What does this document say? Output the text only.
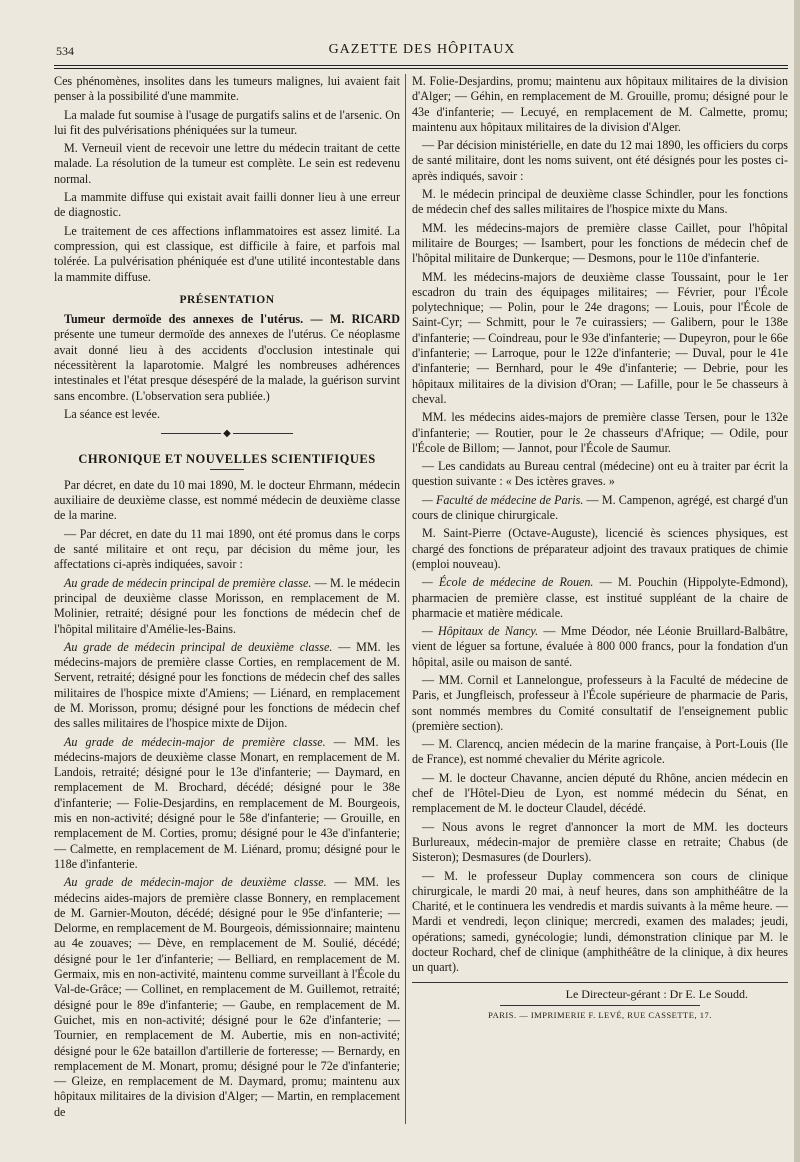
534	GAZETTE DES HÔPITAUX

Ces phénomènes, insolites dans les tumeurs malignes, lui avaient fait penser à la possibilité d'une mammite.

La malade fut soumise à l'usage de purgatifs salins et de l'arsenic. On lui fit des pulvérisations phéniquées sur la tumeur.

M. Verneuil vient de recevoir une lettre du médecin traitant de cette malade. La résolution de la tumeur est complète. Le sein est redevenu normal.

La mammite diffuse qui existait avait failli donner lieu à une erreur de diagnostic.

Le traitement de ces affections inflammatoires est assez limité. La compression, qui est classique, est difficile à faire, et parfois mal tolérée. La pulvérisation phéniquée est d'une utilité incontestable dans la mammite diffuse.

PRÉSENTATION

Tumeur dermoïde des annexes de l'utérus. — M. RICARD présente une tumeur dermoïde des annexes de l'utérus. Ce néoplasme avait donné lieu à des accidents d'occlusion intestinale qui nécessitèrent la laparotomie. Malgré les nombreuses adhérences intestinales et l'état presque désespéré de la malade, la guérison survint sans encombre. (L'observation sera publiée.)

La séance est levée.

◆
CHRONIQUE ET NOUVELLES SCIENTIFIQUES

Par décret, en date du 10 mai 1890, M. le docteur Ehrmann, médecin auxiliaire de deuxième classe, est nommé médecin de deuxième classe de la marine.

— Par décret, en date du 11 mai 1890, ont été promus dans le corps de santé militaire et ont reçu, par décision du même jour, les affectations ci-après indiquées, savoir :

Au grade de médecin principal de première classe. — M. le médecin principal de deuxième classe Morisson, en remplacement de M. Molinier, retraité; désigné pour les fonctions de médecin chef de l'hôpital militaire d'Amélie-les-Bains.

Au grade de médecin principal de deuxième classe. — MM. les médecins-majors de première classe Corties, en remplacement de M. Servent, retraité; désigné pour les fonctions de médecin chef des salles militaires de l'hospice mixte d'Amiens; — Liénard, en remplacement de M. Morisson, promu; désigné pour les fonctions de médecin chef des salles militaires de l'hospice mixte de Dijon.

Au grade de médecin-major de première classe. — MM. les médecins-majors de deuxième classe Monart, en remplacement de M. Landois, retraité; désigné pour le 13e d'infanterie; — Daymard, en remplacement de M. Brochard, décédé; désigné pour le 38e d'infanterie; — Folie-Desjardins, en remplacement de M. Bourgeois, mis en non-activité; désigné pour le 58e d'infanterie; — Grouille, en remplacement de M. Corties, promu; désigné pour le 43e d'infanterie; — Calmette, en remplacement de M. Liénard, promu; désigné pour le 118e d'infanterie.

Au grade de médecin-major de deuxième classe. — MM. les médecins aides-majors de première classe Bonnery, en remplacement de M. Garnier-Mouton, décédé; désigné pour le 95e d'infanterie; — Delorme, en remplacement de M. Bourgeois, démissionnaire; maintenu au 4e zouaves; — Dève, en remplacement de M. Soulié, décédé; désigné pour le 1er d'infanterie; — Belliard, en remplacement de M. Germaix, mis en non-activité, maintenu comme surveillant à l'École du Val-de-Grâce; — Collinet, en remplacement de M. Guillemot, retraité; désigné pour le 89e d'infanterie; — Gaube, en remplacement de M. Guichet, mis en non-activité; désigné pour le 62e d'infanterie; — Tournier, en remplacement de M. Aubertie, mis en non-activité; désigné pour le 62e bataillon d'artillerie de forteresse; — Bernardy, en remplacement de M. Monart, promu; désigné pour le 72e d'infanterie; — Gleize, en remplacement de M. Daymard, promu; maintenu aux hôpitaux militaires de la division d'Alger; — Martin, en remplacement de

M. Folie-Desjardins, promu; maintenu aux hôpitaux militaires de la division d'Alger; — Géhin, en remplacement de M. Grouille, promu; désigné pour le 43e d'infanterie; — Lecuyé, en remplacement de M. Calmette, promu; maintenu aux hôpitaux militaires de la division d'Alger.

— Par décision ministérielle, en date du 12 mai 1890, les officiers du corps de santé militaire, dont les noms suivent, ont été désignés pour les postes ci-après indiqués, savoir :

M. le médecin principal de deuxième classe Schindler, pour les fonctions de médecin chef des salles militaires de l'hospice mixte du Mans.

MM. les médecins-majors de première classe Caillet, pour l'hôpital militaire de Bourges; — Isambert, pour les fonctions de médecin chef de l'hôpital militaire de Dunkerque; — Desmons, pour le 110e d'infanterie.

MM. les médecins-majors de deuxième classe Toussaint, pour le 1er escadron du train des équipages militaires; — Février, pour l'École polytechnique; — Polin, pour le 24e dragons; — Louis, pour l'École de Saint-Cyr; — Schmitt, pour le 7e cuirassiers; — Galibern, pour le 138e d'infanterie; — Coindreau, pour le 93e d'infanterie; — Dupeyron, pour le 66e d'infanterie; — Larroque, pour le 122e d'infanterie; — Duval, pour le 41e d'infanterie; — Bernhard, pour le 49e d'infanterie; — Debrie, pour les hôpitaux militaires de la division d'Oran; — Lafille, pour le 5e chasseurs à cheval.

MM. les médecins aides-majors de première classe Tersen, pour le 132e d'infanterie; — Routier, pour le 2e chasseurs d'Afrique; — Odile, pour l'École de Billom; — Jannot, pour l'École de Saumur.

— Les candidats au Bureau central (médecine) ont eu à traiter par écrit la question suivante : « Des ictères graves. »

— Faculté de médecine de Paris. — M. Campenon, agrégé, est chargé d'un cours de clinique chirurgicale.

M. Saint-Pierre (Octave-Auguste), licencié ès sciences physiques, est chargé des fonctions de préparateur adjoint des travaux pratiques de chimie (emploi nouveau).

— École de médecine de Rouen. — M. Pouchin (Hippolyte-Edmond), pharmacien de première classe, est institué suppléant de la chaire de pharmacie et matière médicale.

— Hôpitaux de Nancy. — Mme Déodor, née Léonie Bruillard-Balbâtre, vient de léguer sa fortune, évaluée à 800 000 francs, pour la fondation d'un hôpital, asile ou maison de santé.

— MM. Cornil et Lannelongue, professeurs à la Faculté de médecine de Paris, et Jungfleisch, professeur à l'École supérieure de pharmacie de Paris, sont nommés membres du Comité consultatif de l'enseignement public (première section).

— M. Clarencq, ancien médecin de la marine française, à Port-Louis (Ile de France), est nommé chevalier du Mérite agricole.

— M. le docteur Chavanne, ancien député du Rhône, ancien médecin en chef de l'Hôtel-Dieu de Lyon, est nommé médecin du Sénat, en remplacement de M. le docteur Claudel, décédé.

— Nous avons le regret d'annoncer la mort de MM. les docteurs Burlureaux, médecin-major de première classe en retraite; Chabus (de Sisteron); Desmasures (de Dourlers).

— M. le professeur Duplay commencera son cours de clinique chirurgicale, le mardi 20 mai, à neuf heures, dans son amphithéâtre de la Charité, et le continuera les vendredis et mardis suivants à la même heure. — Mardi et vendredi, leçon clinique; mercredi, examen des malades; jeudi, opérations; samedi, gynécologie; lundi, démonstration clinique par M. le docteur Rochard, chef de clinique (amphithéâtre de la clinique, à dix heures un quart).

Le Directeur-gérant : Dr E. Le Soudd.
PARIS. — IMPRIMERIE F. LEVÉ, RUE CASSETTE, 17.
